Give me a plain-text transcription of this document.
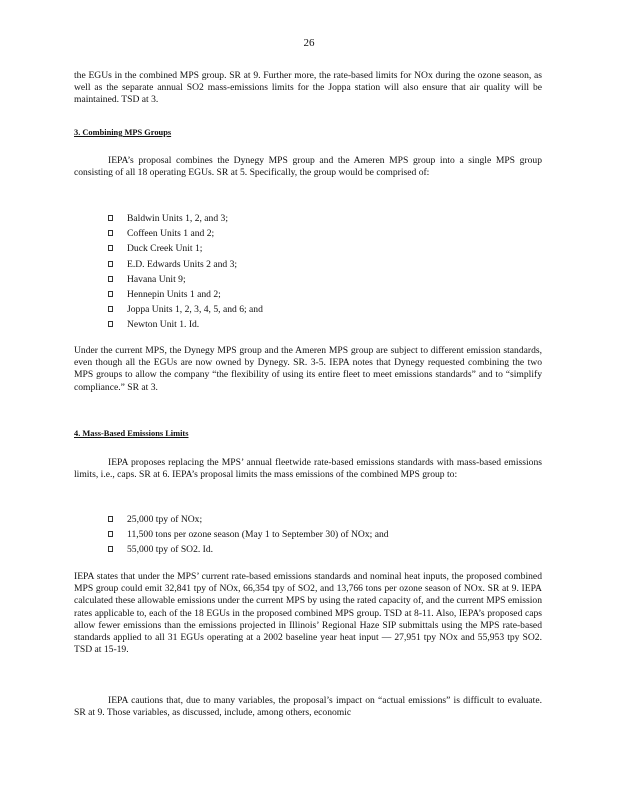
26

the EGUs in the combined MPS group. SR at 9. Further more, the rate-based limits for NOx during the ozone season, as well as the separate annual SO2 mass-emissions limits for the Joppa station will also ensure that air quality will be maintained. TSD at 3.

3. Combining MPS Groups

IEPA’s proposal combines the Dynegy MPS group and the Ameren MPS group into a single MPS group consisting of all 18 operating EGUs. SR at 5. Specifically, the group would be comprised of:

Baldwin Units 1, 2, and 3;
Coffeen Units 1 and 2;
Duck Creek Unit 1;
E.D. Edwards Units 2 and 3;
Havana Unit 9;
Hennepin Units 1 and 2;
Joppa Units 1, 2, 3, 4, 5, and 6; and
Newton Unit 1. Id.

Under the current MPS, the Dynegy MPS group and the Ameren MPS group are subject to different emission standards, even though all the EGUs are now owned by Dynegy. SR. 3-5. IEPA notes that Dynegy requested combining the two MPS groups to allow the company “the flexibility of using its entire fleet to meet emissions standards” and to “simplify compliance.” SR at 3.

4. Mass-Based Emissions Limits

IEPA proposes replacing the MPS’ annual fleetwide rate-based emissions standards with mass-based emissions limits, i.e., caps. SR at 6. IEPA’s proposal limits the mass emissions of the combined MPS group to:

25,000 tpy of NOx;
11,500 tons per ozone season (May 1 to September 30) of NOx; and
55,000 tpy of SO2. Id.

IEPA states that under the MPS’ current rate-based emissions standards and nominal heat inputs, the proposed combined MPS group could emit 32,841 tpy of NOx, 66,354 tpy of SO2, and 13,766 tons per ozone season of NOx. SR at 9. IEPA calculated these allowable emissions under the current MPS by using the rated capacity of, and the current MPS emission rates applicable to, each of the 18 EGUs in the proposed combined MPS group. TSD at 8-11. Also, IEPA’s proposed caps allow fewer emissions than the emissions projected in Illinois’ Regional Haze SIP submittals using the MPS rate-based standards applied to all 31 EGUs operating at a 2002 baseline year heat input — 27,951 tpy NOx and 55,953 tpy SO2. TSD at 15-19.

IEPA cautions that, due to many variables, the proposal’s impact on “actual emissions” is difficult to evaluate. SR at 9. Those variables, as discussed, include, among others, economic
